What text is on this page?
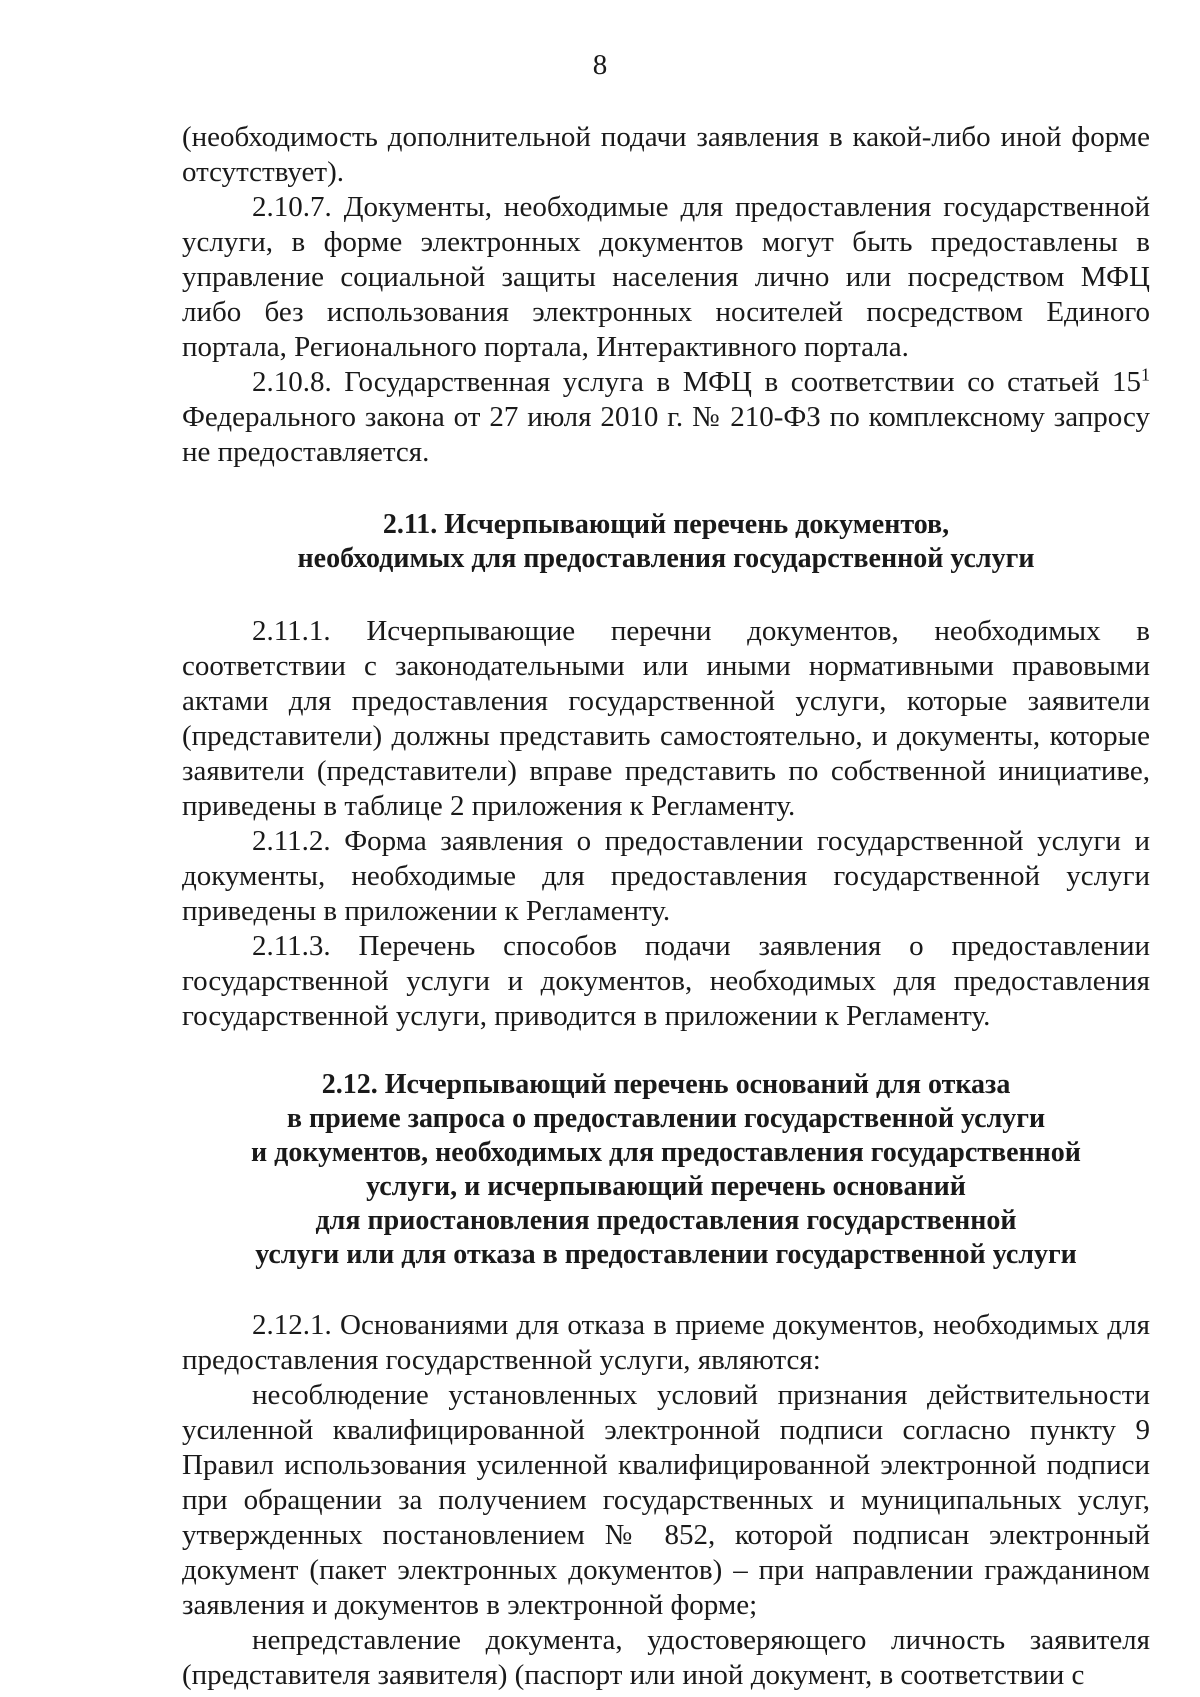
8

(необходимость дополнительной подачи заявления в какой-либо иной форме отсутствует).

2.10.7. Документы, необходимые для предоставления государственной услуги, в форме электронных документов могут быть предоставлены в управление социальной защиты населения лично или посредством МФЦ либо без использования электронных носителей посредством Единого портала, Регионального портала, Интерактивного портала.

2.10.8. Государственная услуга в МФЦ в соответствии со статьей $15^1$ Федерального закона от 27 июля 2010 г. № 210-ФЗ по комплексному запросу не предоставляется.

2.11. Исчерпывающий перечень документов,
необходимых для предоставления государственной услуги

2.11.1. Исчерпывающие перечни документов, необходимых в соответствии с законодательными или иными нормативными правовыми актами для предоставления государственной услуги, которые заявители (представители) должны представить самостоятельно, и документы, которые заявители (представители) вправе представить по собственной инициативе, приведены в таблице 2 приложения к Регламенту.

2.11.2. Форма заявления о предоставлении государственной услуги и документы, необходимые для предоставления государственной услуги приведены в приложении к Регламенту.

2.11.3. Перечень способов подачи заявления о предоставлении государственной услуги и документов, необходимых для предоставления государственной услуги, приводится в приложении к Регламенту.

2.12. Исчерпывающий перечень оснований для отказа
в приеме запроса о предоставлении государственной услуги
и документов, необходимых для предоставления государственной
услуги, и исчерпывающий перечень оснований
для приостановления предоставления государственной
услуги или для отказа в предоставлении государственной услуги

2.12.1. Основаниями для отказа в приеме документов, необходимых для предоставления государственной услуги, являются:

несоблюдение установленных условий признания действительности усиленной квалифицированной электронной подписи согласно пункту 9 Правил использования усиленной квалифицированной электронной подписи при обращении за получением государственных и муниципальных услуг, утвержденных постановлением № 852, которой подписан электронный документ (пакет электронных документов) – при направлении гражданином заявления и документов в электронной форме;

непредставление документа, удостоверяющего личность заявителя (представителя заявителя) (паспорт или иной документ, в соответствии с
